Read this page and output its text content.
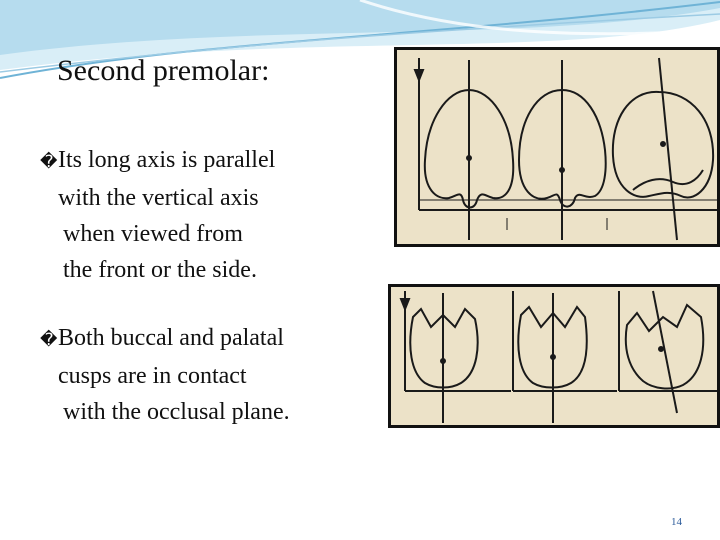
Second premolar:
�Its long axis is parallel
with the vertical axis
when viewed from
the front or the side.
�Both buccal and palatal
cusps are in contact
with the occlusal plane.
14
